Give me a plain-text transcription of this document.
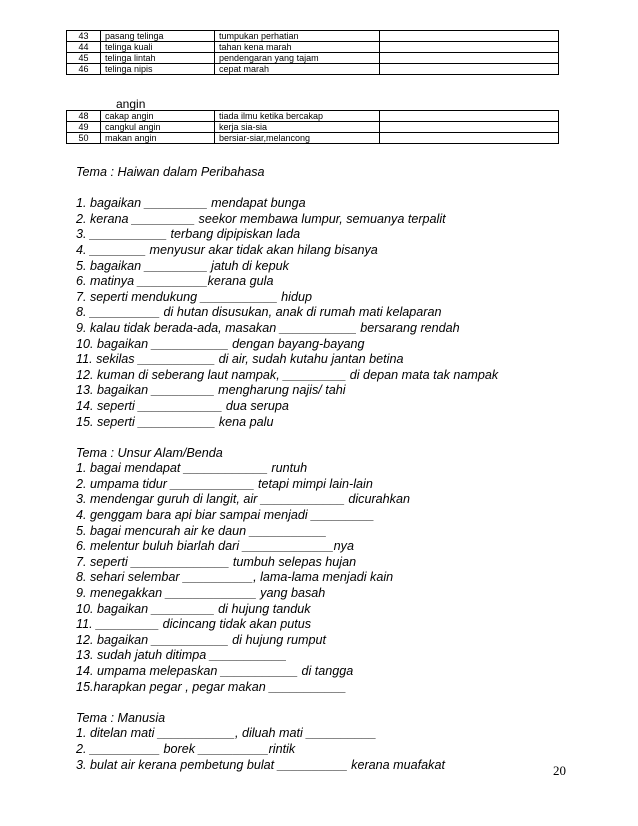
43	pasang telinga	tumpukan perhatian	
44	telinga kuali	tahan kena marah	
45	telinga lintah	pendengaran yang tajam	
46	telinga nipis	cepat marah	
angin
48	cakap angin	tiada ilmu ketika bercakap	
49	cangkul angin	kerja sia-sia	
50	makan angin	bersiar-siar,melancong	
Tema : Haiwan dalam Peribahasa
1. bagaikan _________ mendapat bunga
2. kerana _________ seekor membawa lumpur, semuanya terpalit
3. ___________ terbang dipipiskan lada
4. ________ menyusur akar tidak akan hilang bisanya
5. bagaikan _________ jatuh di kepuk
6. matinya __________kerana gula
7. seperti mendukung ___________ hidup
8. __________ di hutan disusukan, anak di rumah mati kelaparan
9. kalau tidak berada-ada, masakan ___________ bersarang rendah
10. bagaikan ___________ dengan bayang-bayang
11. sekilas ___________ di air, sudah kutahu jantan betina
12. kuman di seberang laut nampak, _________ di depan mata tak nampak
13. bagaikan _________ mengharung najis/ tahi
14. seperti ____________ dua serupa
15. seperti ___________ kena palu
Tema : Unsur Alam/Benda
1. bagai mendapat ____________ runtuh
2. umpama tidur ____________ tetapi mimpi lain-lain
3. mendengar guruh di langit, air ____________ dicurahkan
4. genggam bara api biar sampai menjadi _________
5. bagai mencurah air ke daun ___________
6. melentur buluh biarlah dari _____________nya
7. seperti ______________ tumbuh selepas hujan
8. sehari selembar __________, lama-lama menjadi kain
9. menegakkan _____________ yang basah
10. bagaikan _________ di hujung tanduk
11. _________ dicincang tidak akan putus
12. bagaikan ___________ di hujung rumput
13. sudah jatuh ditimpa ___________
14. umpama melepaskan ___________ di tangga
15.harapkan pegar , pegar makan ___________
Tema : Manusia
1. ditelan mati ___________, diluah mati __________
2. __________ borek __________rintik
3. bulat air kerana pembetung bulat __________ kerana muafakat	20
